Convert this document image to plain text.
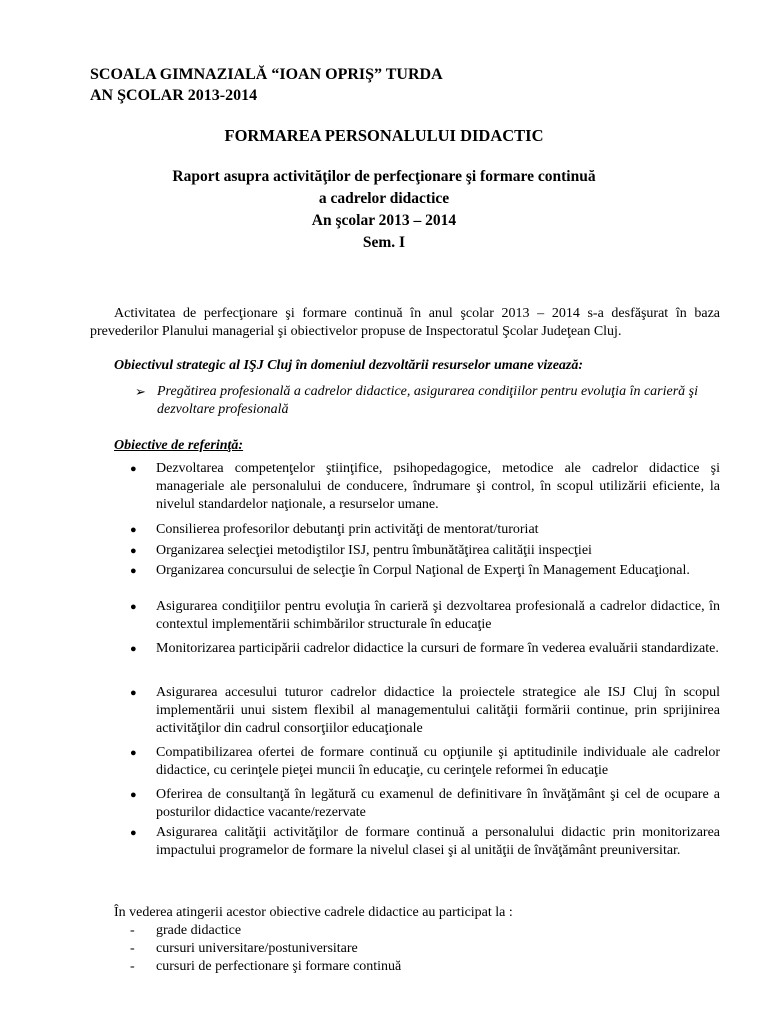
SCOALA GIMNAZIALĂ “IOAN OPRIŞ” TURDA
AN ŞCOLAR 2013-2014
FORMAREA PERSONALULUI DIDACTIC
Raport asupra activităţilor de perfecţionare şi formare continuă
a cadrelor didactice
An şcolar 2013 – 2014
Sem. I
Activitatea de perfecţionare şi formare continuă în anul şcolar 2013 – 2014 s-a desfăşurat în baza prevederilor Planului managerial şi obiectivelor propuse de Inspectoratul Şcolar Judeţean Cluj.
Obiectivul strategic al IŞJ Cluj în domeniul dezvoltării resurselor umane vizează:
➢ Pregătirea profesională a cadrelor didactice, asigurarea condiţiilor pentru evoluţia în carieră şi dezvoltare profesională
Obiective de referinţă:
● Dezvoltarea competenţelor ştiinţifice, psihopedagogice, metodice ale cadrelor didactice şi manageriale ale personalului de conducere, îndrumare şi control, în scopul utilizării eficiente, la nivelul standardelor naţionale, a resurselor umane.
● Consilierea profesorilor debutanţi prin activităţi de mentorat/turoriat
● Organizarea selecţiei metodiştilor ISJ, pentru îmbunătăţirea calităţii inspecţiei
● Organizarea concursului de selecţie în Corpul Naţional de Experţi în Management Educaţional.
● Asigurarea condiţiilor pentru evoluţia în carieră şi dezvoltarea profesională a cadrelor didactice, în contextul implementării schimbărilor structurale în educaţie
● Monitorizarea participării cadrelor didactice la cursuri de formare în vederea evaluării standardizate.
● Asigurarea accesului tuturor cadrelor didactice la proiectele strategice ale ISJ Cluj în scopul implementării unui sistem flexibil al managementului calităţii formării continue, prin sprijinirea activităţilor din cadrul consorţiilor educaţionale
● Compatibilizarea ofertei de formare continuă cu opţiunile şi aptitudinile individuale ale cadrelor didactice, cu cerinţele pieţei muncii în educaţie, cu cerinţele reformei în educaţie
● Oferirea de consultanţă în legătură cu examenul de definitivare în învăţământ şi cel de ocupare a posturilor didactice vacante/rezervate
● Asigurarea calităţii activităţilor de formare continuă a personalului didactic prin monitorizarea impactului programelor de formare la nivelul clasei şi al unităţii de învăţământ preuniversitar.
În vederea atingerii acestor obiective cadrele didactice au participat la :
- grade didactice
- cursuri universitare/postuniversitare
- cursuri de perfectionare şi formare continuă
